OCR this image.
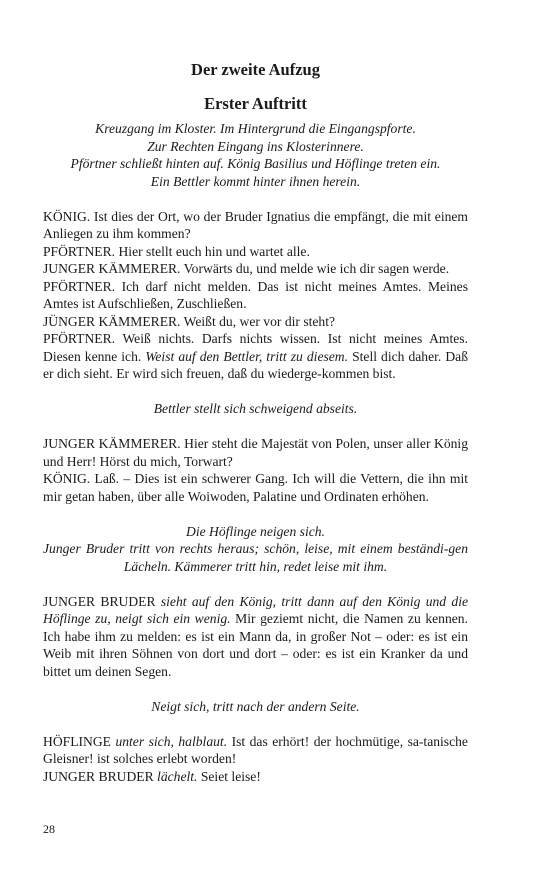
Der zweite Aufzug
Erster Auftritt
Kreuzgang im Kloster. Im Hintergrund die Eingangspforte.
Zur Rechten Eingang ins Klosterinnere.
Pförtner schließt hinten auf. König Basilius und Höflinge treten ein.
Ein Bettler kommt hinter ihnen herein.

KÖNIG. Ist dies der Ort, wo der Bruder Ignatius die empfängt, die mit einem Anliegen zu ihm kommen?

PFÖRTNER. Hier stellt euch hin und wartet alle.

JUNGER KÄMMERER. Vorwärts du, und melde wie ich dir sagen werde.

PFÖRTNER. Ich darf nicht melden. Das ist nicht meines Amtes. Meines Amtes ist Aufschließen, Zuschließen.

JÜNGER KÄMMERER. Weißt du, wer vor dir steht?

PFÖRTNER. Weiß nichts. Darfs nichts wissen. Ist nicht meines Amtes. Diesen kenne ich. Weist auf den Bettler, tritt zu diesem. Stell dich daher. Daß er dich sieht. Er wird sich freuen, daß du wiederge-kommen bist.

Bettler stellt sich schweigend abseits.

JUNGER KÄMMERER. Hier steht die Majestät von Polen, unser aller König und Herr! Hörst du mich, Torwart?

KÖNIG. Laß. – Dies ist ein schwerer Gang. Ich will die Vettern, die ihn mit mir getan haben, über alle Woiwoden, Palatine und Ordinaten erhöhen.

Die Höflinge neigen sich.

Junger Bruder tritt von rechts heraus; schön, leise, mit einem beständi-gen Lächeln. Kämmerer tritt hin, redet leise mit ihm.

JUNGER BRUDER sieht auf den König, tritt dann auf den König und die Höflinge zu, neigt sich ein wenig. Mir geziemt nicht, die Namen zu kennen. Ich habe ihm zu melden: es ist ein Mann da, in großer Not – oder: es ist ein Weib mit ihren Söhnen von dort und dort – oder: es ist ein Kranker da und bittet um deinen Segen.

Neigt sich, tritt nach der andern Seite.

HÖFLINGE unter sich, halblaut. Ist das erhört! der hochmütige, sa-tanische Gleisner! ist solches erlebt worden!

JUNGER BRUDER lächelt. Seiet leise!

28
